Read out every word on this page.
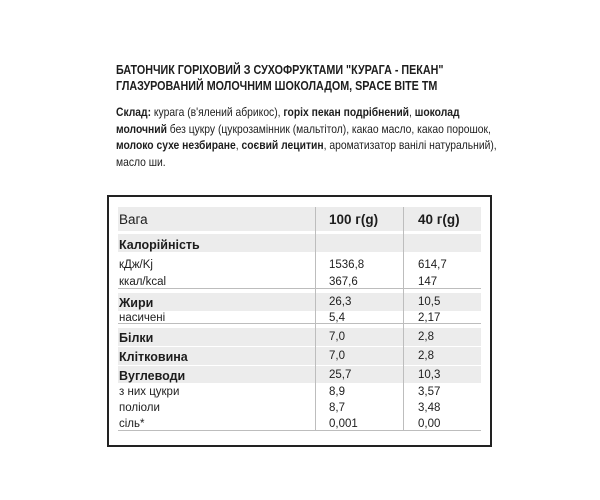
БАТОНЧИК ГОРІХОВИЙ З СУХОФРУКТАМИ "КУРАГА - ПЕКАН"
ГЛАЗУРОВАНИЙ МОЛОЧНИМ ШОКОЛАДОМ, SPACE BITE TM
Склад: курага (в'ялений абрикос), горіх пекан подрібнений, шоколад молочний без цукру (цукрозамінник (мальтітол), какао масло, какао порошок, молоко сухе незбиране, соєвий лецитин, ароматизатор ванілі натуральний), масло ши.
Вага	100 г(g)	40 г(g)
Калорійність
кДж/Kj	1536,8	614,7
ккал/kcal	367,6	147
Жири	26,3	10,5
насичені	5,4	2,17
Білки	7,0	2,8
Клітковина	7,0	2,8
Вуглеводи	25,7	10,3
з них цукри	8,9	3,57
поліоли	8,7	3,48
сіль*	0,001	0,00
